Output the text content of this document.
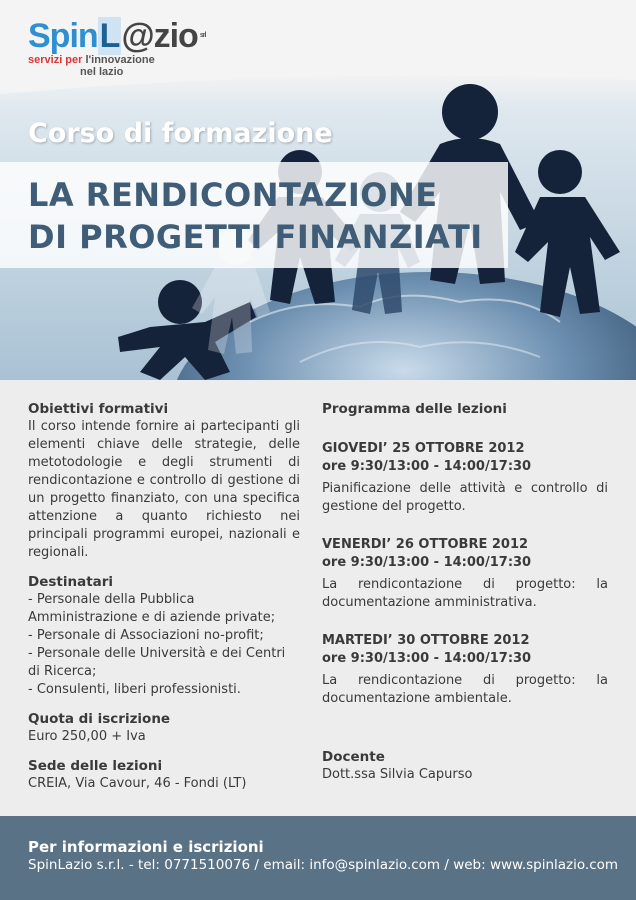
SpinL@zio $^{srl}$
servizi per l'innovazione
nel lazio
Corso di formazione
LA RENDICONTAZIONE
DI PROGETTI FINANZIATI
Obiettivi formativi
Il corso intende fornire ai partecipanti gli elementi chiave delle strategie, delle metotodologie e degli strumenti di rendicontazione e controllo di gestione di un progetto finanziato, con una specifica attenzione a quanto richiesto nei principali programmi europei, nazionali e regionali.
Destinatari
- Personale della Pubblica Amministrazione e di aziende private;
- Personale di Associazioni no-profit;
- Personale delle Università e dei Centri di Ricerca;
- Consulenti, liberi professionisti.
Quota di iscrizione
Euro 250,00 + Iva
Sede delle lezioni
CREIA, Via Cavour, 46 - Fondi (LT)
Programma delle lezioni
GIOVEDI’ 25 OTTOBRE 2012
ore 9:30/13:00 - 14:00/17:30
Pianificazione delle attività e controllo di gestione del progetto.
VENERDI’ 26 OTTOBRE 2012
ore 9:30/13:00 - 14:00/17:30
La rendicontazione di progetto: la documentazione amministrativa.
MARTEDI’ 30 OTTOBRE 2012
ore 9:30/13:00 - 14:00/17:30
La rendicontazione di progetto: la documentazione ambientale.
Docente
Dott.ssa Silvia Capurso
Per informazioni e iscrizioni
SpinLazio s.r.l. - tel: 0771510076 / email: info@spinlazio.com / web: www.spinlazio.com
